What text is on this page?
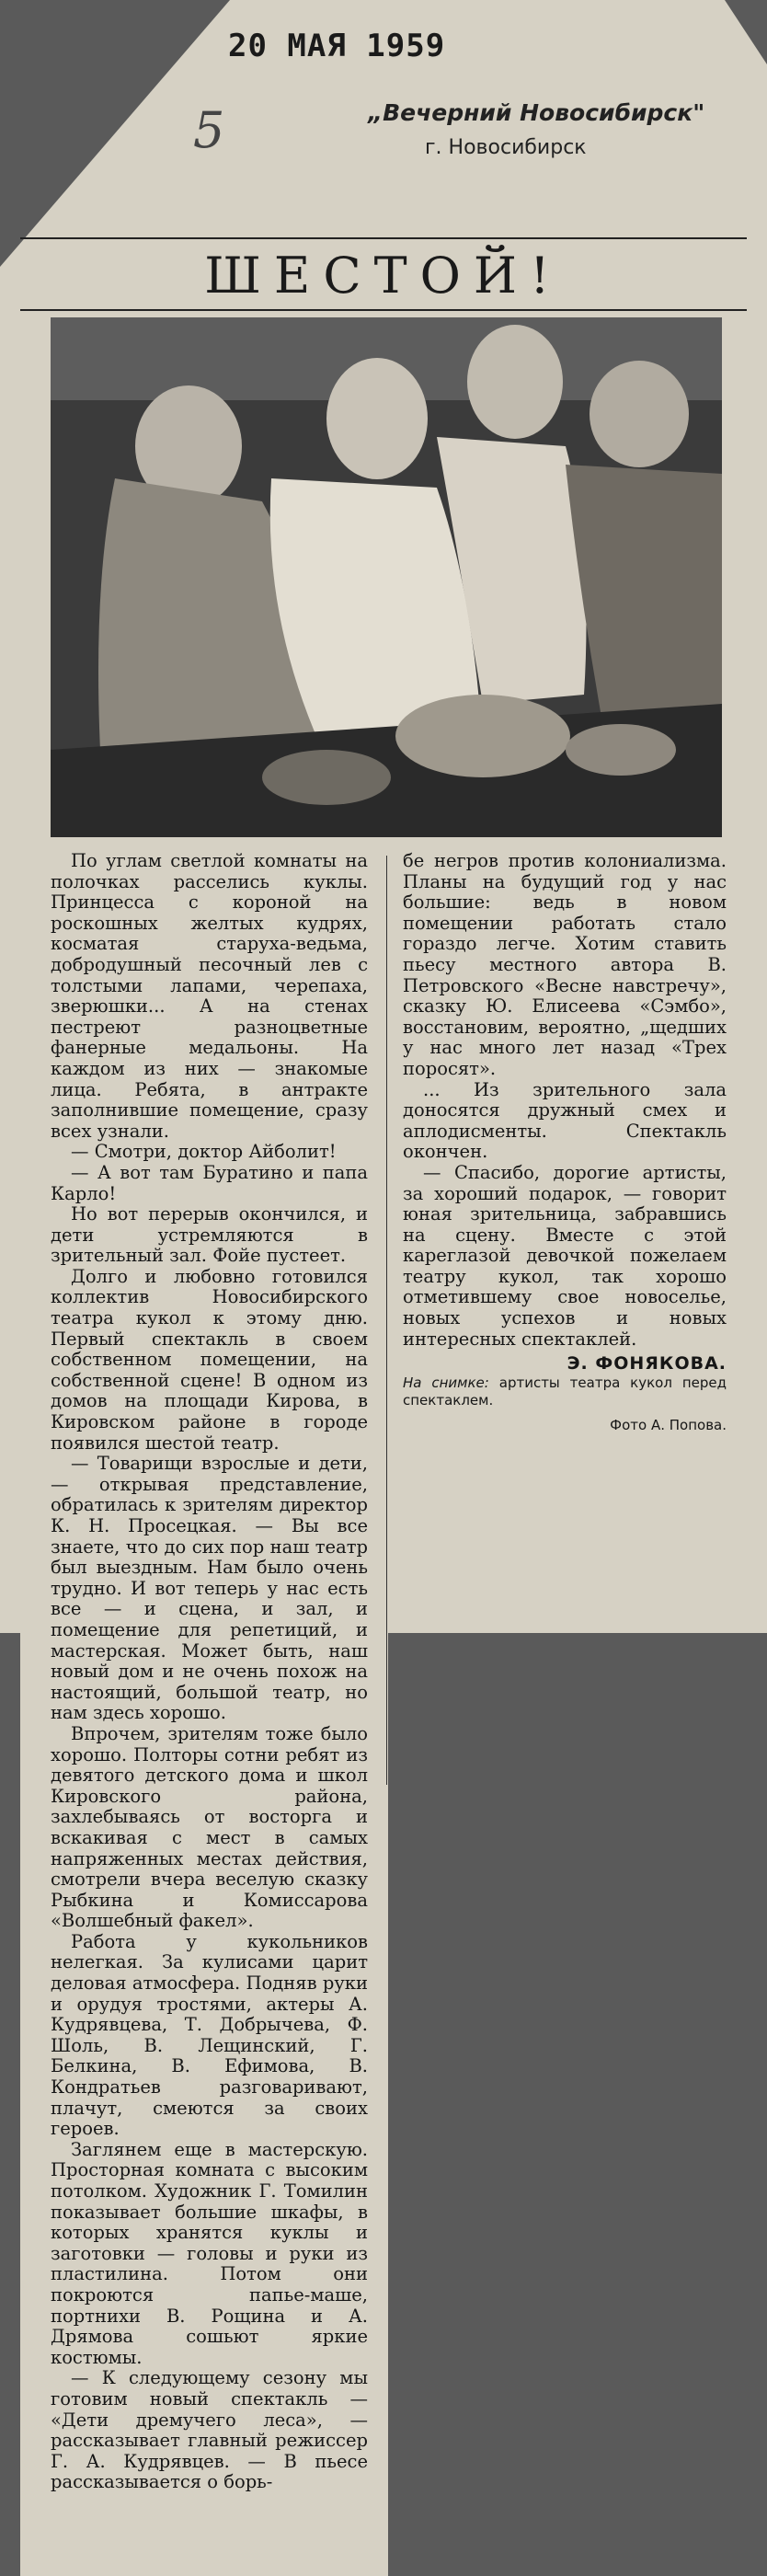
20 МАЯ 1959
5	„Вечерний Новосибирск"
г. Новосибирск
ШЕСТОЙ!

По углам светлой комнаты на полочках расселись куклы. Принцесса с короной на роскошных желтых кудрях, косматая старуха-ведьма, добродушный песочный лев с толстыми лапами, черепаха, зверюшки... А на стенах пестреют разноцветные фанерные медальоны. На каждом из них — знакомые лица. Ребята, в антракте заполнившие помещение, сразу всех узнали.

— Смотри, доктор Айболит!

— А вот там Буратино и папа Карло!

Но вот перерыв окончился, и дети устремляются в зрительный зал. Фойе пустеет.

Долго и любовно готовился коллектив Новосибирского театра кукол к этому дню. Первый спектакль в своем собственном помещении, на собственной сцене! В одном из домов на площади Кирова, в Кировском районе в городе появился шестой театр.

— Товарищи взрослые и дети, — открывая представление, обратилась к зрителям директор К. Н. Просецкая. — Вы все знаете, что до сих пор наш театр был выездным. Нам было очень трудно. И вот теперь у нас есть все — и сцена, и зал, и помещение для репетиций, и мастерская. Может быть, наш новый дом и не очень похож на настоящий, большой театр, но нам здесь хорошо.

Впрочем, зрителям тоже было хорошо. Полторы сотни ребят из девятого детского дома и школ Кировского района, захлебываясь от восторга и вскакивая с мест в самых напряженных местах действия, смотрели вчера веселую сказку Рыбкина и Комиссарова «Волшебный факел».

Работа у кукольников нелегкая. За кулисами царит деловая атмосфера. Подняв руки и орудуя тростями, актеры А. Кудрявцева, Т. Добрычева, Ф. Шоль, В. Лещинский, Г. Белкина, В. Ефимова, В. Кондратьев разговаривают, плачут, смеются за своих героев.

Заглянем еще в мастерскую. Просторная комната с высоким потолком. Художник Г. Томилин показывает большие шкафы, в которых хранятся куклы и заготовки — головы и руки из пластилина. Потом они покроются папье-маше, портнихи В. Рощина и А. Дрямова сошьют яркие костюмы.

— К следующему сезону мы готовим новый спектакль — «Дети дремучего леса», — рассказывает главный режиссер Г. А. Кудрявцев. — В пьесе рассказывается о борь-

бе негров против колониализма. Планы на будущий год у нас большие: ведь в новом помещении работать стало гораздо легче. Хотим ставить пьесу местного автора В. Петровского «Весне навстречу», сказку Ю. Елисеева «Сэмбо», восстановим, вероятно, „щедших у нас много лет назад «Трех поросят».

... Из зрительного зала доносятся дружный смех и аплодисменты. Спектакль окончен.

— Спасибо, дорогие артисты, за хороший подарок, — говорит юная зрительница, забравшись на сцену. Вместе с этой кареглазой девочкой пожелаем театру кукол, так хорошо отметившему свое новоселье, новых успехов и новых интересных спектаклей.

Э. ФОНЯКОВА.

На снимке: артисты театра кукол перед спектаклем.

Фото А. Попова.
